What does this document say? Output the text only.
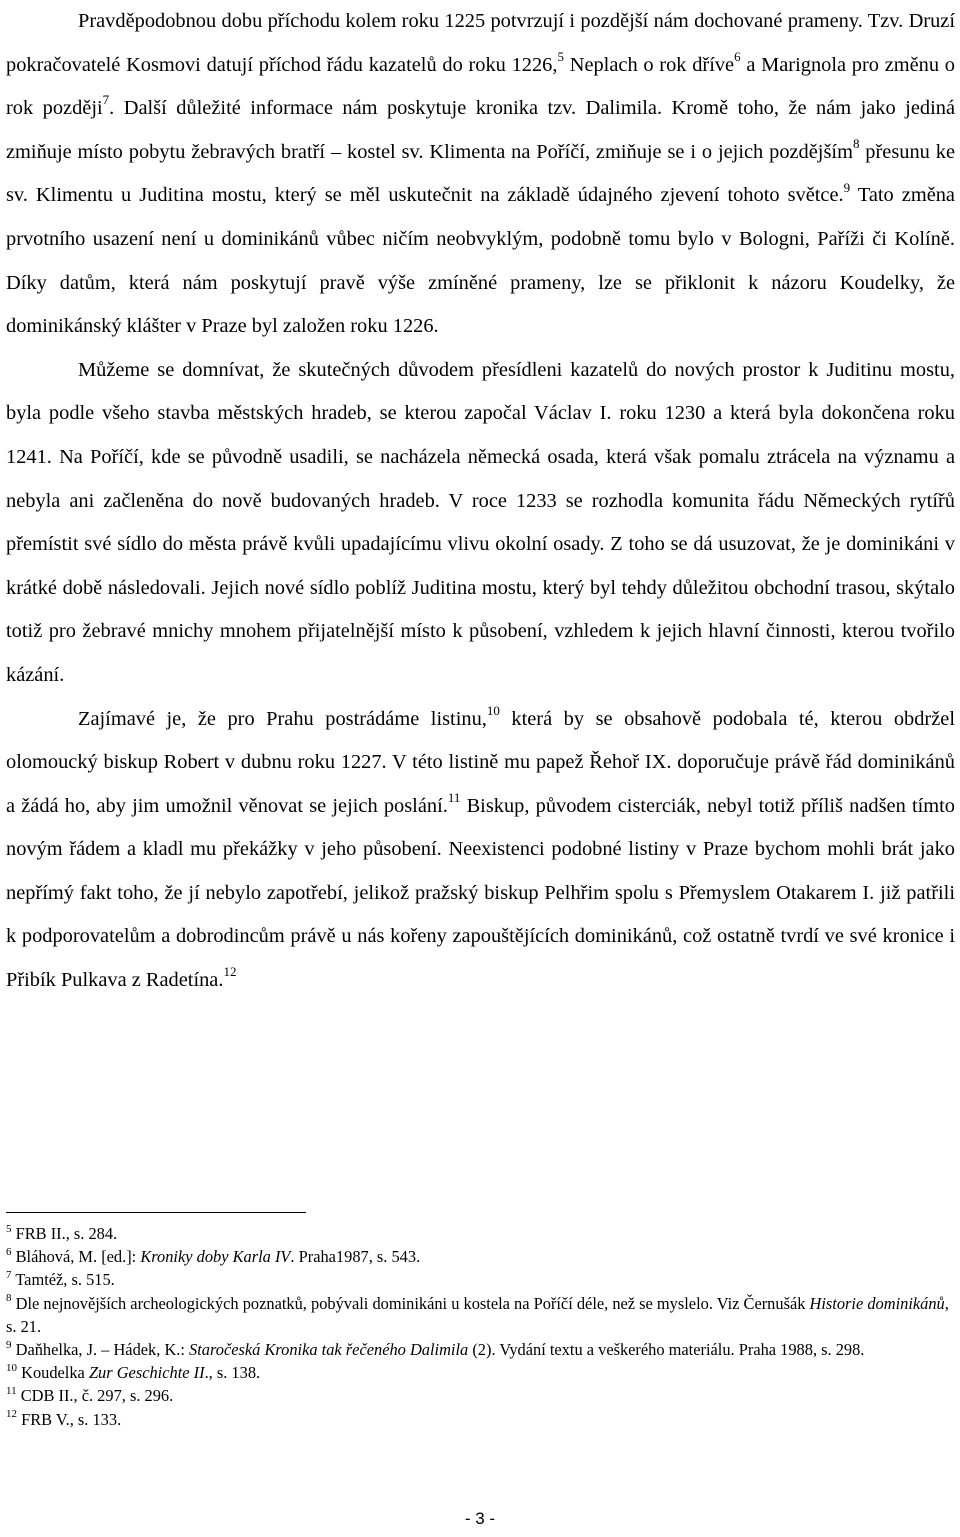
Pravděpodobnou dobu příchodu kolem roku 1225 potvrzují i pozdější nám dochované prameny. Tzv. Druzí pokračovatelé Kosmovi datují příchod řádu kazatelů do roku 1226,$^5$ Neplach o rok dříve$^6$ a Marignola pro změnu o rok později$^7$. Další důležité informace nám poskytuje kronika tzv. Dalimila. Kromě toho, že nám jako jediná zmiňuje místo pobytu žebravých bratří – kostel sv. Klimenta na Poříčí, zmiňuje se i o jejich pozdějším$^8$ přesunu ke sv. Klimentu u Juditina mostu, který se měl uskutečnit na základě údajného zjevení tohoto světce.$^9$ Tato změna prvotního usazení není u dominikánů vůbec ničím neobvyklým, podobně tomu bylo v Bologni, Paříži či Kolíně. Díky datům, která nám poskytují pravě výše zmíněné prameny, lze se přiklonit k názoru Koudelky, že dominikánský klášter v Praze byl založen roku 1226.

Můžeme se domnívat, že skutečných důvodem přesídleni kazatelů do nových prostor k Juditinu mostu, byla podle všeho stavba městských hradeb, se kterou započal Václav I. roku 1230 a která byla dokončena roku 1241. Na Poříčí, kde se původně usadili, se nacházela německá osada, která však pomalu ztrácela na významu a nebyla ani začleněna do nově budovaných hradeb. V roce 1233 se rozhodla komunita řádu Německých rytířů přemístit své sídlo do města právě kvůli upadajícímu vlivu okolní osady. Z toho se dá usuzovat, že je dominikáni v krátké době následovali. Jejich nové sídlo poblíž Juditina mostu, který byl tehdy důležitou obchodní trasou, skýtalo totiž pro žebravé mnichy mnohem přijatelnější místo k působení, vzhledem k jejich hlavní činnosti, kterou tvořilo kázání.

Zajímavé je, že pro Prahu postrádáme listinu,$^{10}$ která by se obsahově podobala té, kterou obdržel olomoucký biskup Robert v dubnu roku 1227. V této listině mu papež Řehoř IX. doporučuje právě řád dominikánů a žádá ho, aby jim umožnil věnovat se jejich poslání.$^{11}$ Biskup, původem cisterciák, nebyl totiž příliš nadšen tímto novým řádem a kladl mu překážky v jeho působení. Neexistenci podobné listiny v Praze bychom mohli brát jako nepřímý fakt toho, že jí nebylo zapotřebí, jelikož pražský biskup Pelhřim spolu s Přemyslem Otakarem I. již patřili k podporovatelům a dobrodincům právě u nás kořeny zapouštějících dominikánů, což ostatně tvrdí ve své kronice i Přibík Pulkava z Radetína.$^{12}$

$^5$ FRB II., s. 284.

$^6$ Bláhová, M. [ed.]: Kroniky doby Karla IV. Praha1987, s. 543.

$^7$ Tamtéž, s. 515.

$^8$ Dle nejnovějších archeologických poznatků, pobývali dominikáni u kostela na Poříčí déle, než se myslelo. Viz Černušák Historie dominikánů, s. 21.

$^9$ Daňhelka, J. – Hádek, K.: Staročeská Kronika tak řečeného Dalimila (2). Vydání textu a veškerého materiálu. Praha 1988, s. 298.

$^{10}$ Koudelka Zur Geschichte II., s. 138.

$^{11}$ CDB II., č. 297, s. 296.

$^{12}$ FRB V., s. 133.

- 3 -
